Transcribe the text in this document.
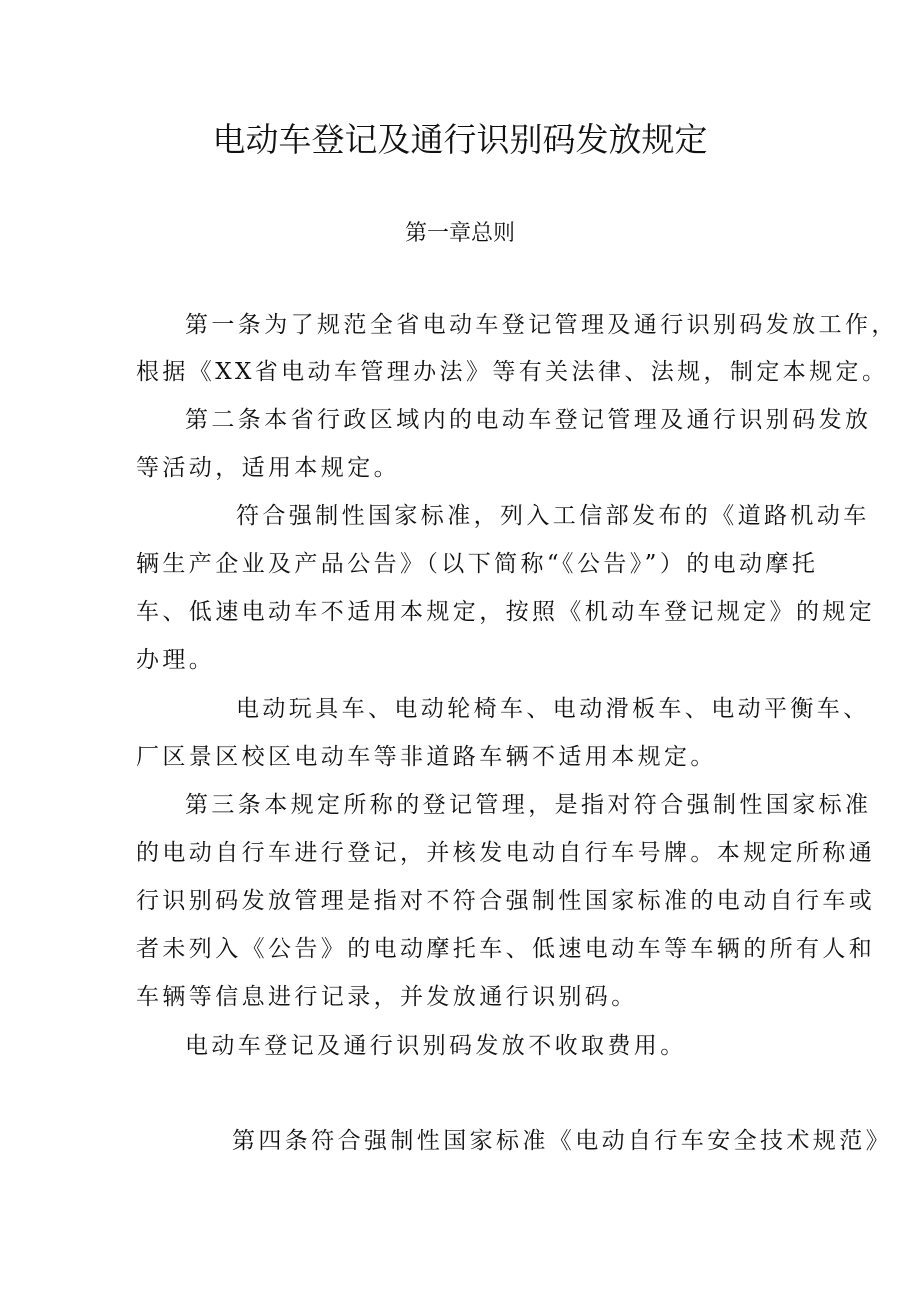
电动车登记及通行识别码发放规定
第一章总则
第一条为了规范全省电动车登记管理及通行识别码发放工作，
根据《XX省电动车管理办法》等有关法律、法规，制定本规定。
第二条本省行政区域内的电动车登记管理及通行识别码发放
等活动，适用本规定。
符合强制性国家标准，列入工信部发布的《道路机动车
辆生产企业及产品公告》（以下简称“《公告》”）的电动摩托
车、低速电动车不适用本规定，按照《机动车登记规定》的规定
办理。
电动玩具车、电动轮椅车、电动滑板车、电动平衡车、
厂区景区校区电动车等非道路车辆不适用本规定。
第三条本规定所称的登记管理，是指对符合强制性国家标准
的电动自行车进行登记，并核发电动自行车号牌。本规定所称通
行识别码发放管理是指对不符合强制性国家标准的电动自行车或
者未列入《公告》的电动摩托车、低速电动车等车辆的所有人和
车辆等信息进行记录，并发放通行识别码。
电动车登记及通行识别码发放不收取费用。
第四条符合强制性国家标准《电动自行车安全技术规范》
